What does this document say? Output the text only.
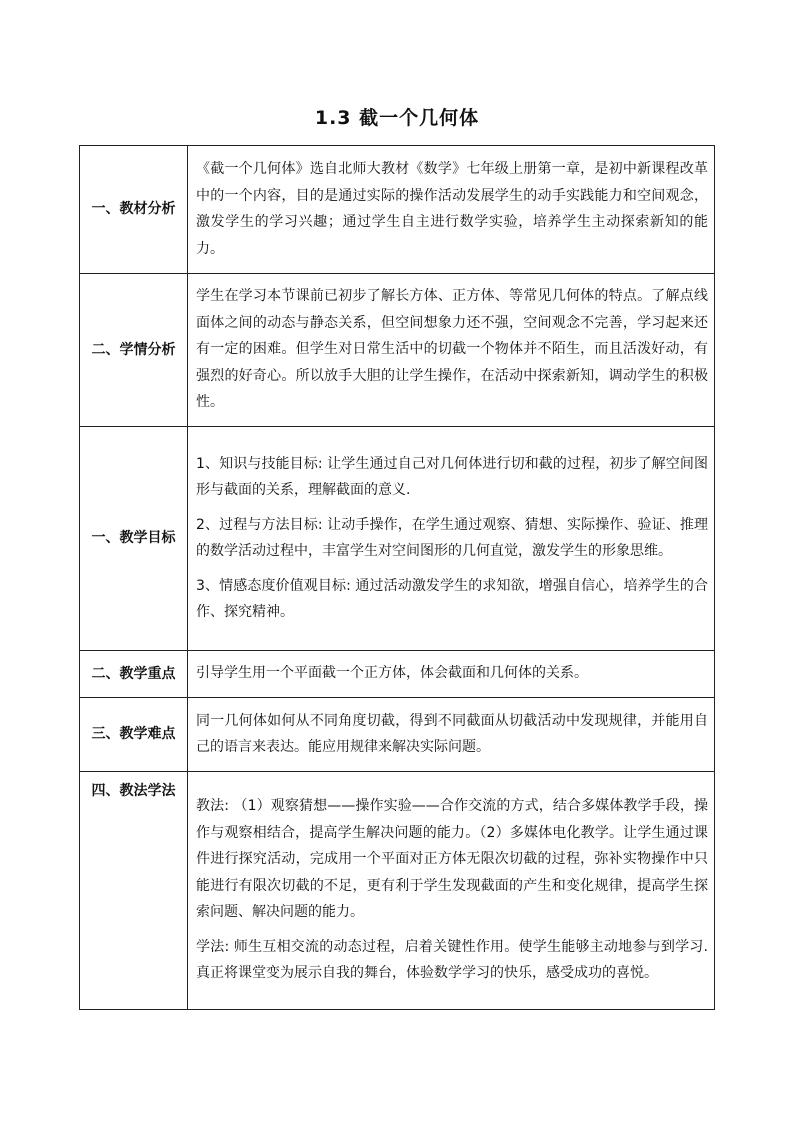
1.3 截一个几何体
一、教材分析	《截一个几何体》选自北师大教材《数学》七年级上册第一章，是初中新课程改革中的一个内容，目的是通过实际的操作活动发展学生的动手实践能力和空间观念，激发学生的学习兴趣；通过学生自主进行数学实验，培养学生主动探索新知的能力。

二、学情分析	学生在学习本节课前已初步了解长方体、正方体、等常见几何体的特点。了解点线面体之间的动态与静态关系，但空间想象力还不强，空间观念不完善，学习起来还有一定的困难。但学生对日常生活中的切截一个物体并不陌生，而且活泼好动，有强烈的好奇心。所以放手大胆的让学生操作，在活动中探索新知，调动学生的积极性。

一、教学目标	1、知识与技能目标: 让学生通过自己对几何体进行切和截的过程，初步了解空间图形与截面的关系，理解截面的意义.

2、过程与方法目标: 让动手操作，在学生通过观察、猜想、实际操作、验证、推理的数学活动过程中，丰富学生对空间图形的几何直觉，激发学生的形象思维。

3、情感态度价值观目标: 通过活动激发学生的求知欲，增强自信心，培养学生的合作、探究精神。

二、教学重点	引导学生用一个平面截一个正方体，体会截面和几何体的关系。

三、教学难点	同一几何体如何从不同角度切截，得到不同截面从切截活动中发现规律，并能用自己的语言来表达。能应用规律来解决实际问题。

四、教法学法	教法: （1）观察猜想——操作实验——合作交流的方式，结合多媒体教学手段，操作与观察相结合，提高学生解决问题的能力。（2）多媒体电化教学。让学生通过课件进行探究活动，完成用一个平面对正方体无限次切截的过程，弥补实物操作中只能进行有限次切截的不足，更有利于学生发现截面的产生和变化规律，提高学生探索问题、解决问题的能力。

学法: 师生互相交流的动态过程，启着关键性作用。使学生能够主动地参与到学习. 真正将课堂变为展示自我的舞台，体验数学学习的快乐，感受成功的喜悦。
